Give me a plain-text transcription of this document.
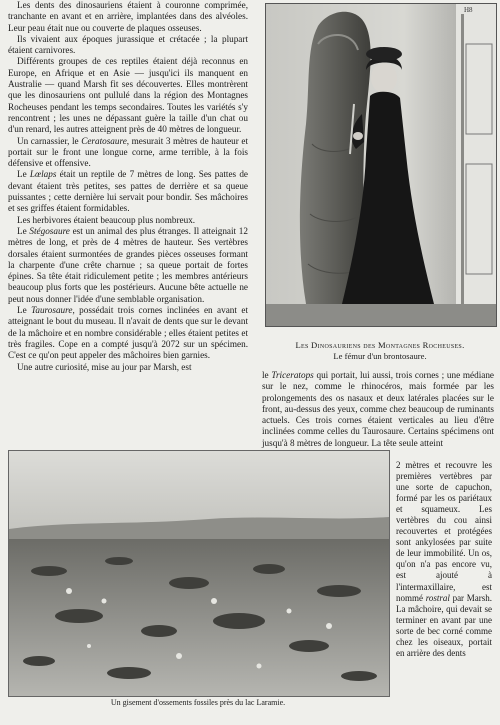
Les dents des dinosauriens étaient à couronne comprimée, tranchante en avant et en arrière, implantées dans des alvéoles. Leur peau était nue ou couverte de plaques osseuses.

Ils vivaient aux époques jurassique et crétacée ; la plupart étaient carnivores.

Différents groupes de ces reptiles étaient déjà reconnus en Europe, en Afrique et en Asie — jusqu'ici ils manquent en Australie — quand Marsh fit ses découvertes. Elles montrèrent que les dinosauriens ont pullulé dans la région des Montagnes Rocheuses pendant les temps secondaires. Toutes les variétés s'y rencontrent ; les unes ne dépassant guère la taille d'un chat ou d'un renard, les autres atteignent près de 40 mètres de longueur.

Un carnassier, le Ceratosaure, mesurait 3 mètres de hauteur et portait sur le front une longue corne, arme terrible, à la fois défensive et offensive.

Le Lœlaps était un reptile de 7 mètres de long. Ses pattes de devant étaient très petites, ses pattes de derrière et sa queue puissantes ; cette dernière lui servait pour bondir. Ses mâchoires et ses griffes étaient formidables.

Les herbivores étaient beaucoup plus nombreux.

Le Stégosaure est un animal des plus étranges. Il atteignait 12 mètres de long, et près de 4 mètres de hauteur. Ses vertèbres dorsales étaient surmontées de grandes pièces osseuses formant la charpente d'une crête charnue ; sa queue portait de fortes épines. Sa tête était ridiculement petite ; les membres antérieurs beaucoup plus forts que les postérieurs. Aucune bête actuelle ne peut nous donner l'idée d'une semblable organisation.

Le Taurosaure, possédait trois cornes inclinées en avant et atteignant le bout du museau. Il n'avait de dents que sur le devant de la mâchoire et en nombre considérable ; elles étaient petites et très fragiles. Cope en a compté jusqu'à 2072 sur un spécimen. C'est ce qu'on peut appeler des mâchoires bien garnies.

Une autre curiosité, mise au jour par Marsh, est

H8
Les Dinosauriens des Montagnes Rocheuses.
Le fémur d'un brontosaure.

le Triceratops qui portait, lui aussi, trois cornes ; une médiane sur le nez, comme le rhinocéros, mais formée par les prolongements des os nasaux et deux latérales placées sur le front, au-dessus des yeux, comme chez beaucoup de ruminants actuels. Ces trois cornes étaient verticales au lieu d'être inclinées comme celles du Taurosaure. Certains spécimens ont jusqu'à 8 mètres de longueur. La tête seule atteint

Un gisement d'ossements fossiles près du lac Laramie.

2 mètres et recouvre les premières vertèbres par une sorte de capuchon, formé par les os pariétaux et squameux. Les vertèbres du cou ainsi recouvertes et protégées sont ankylosées par suite de leur immobilité. Un os, qu'on n'a pas encore vu, est ajouté à l'intermaxillaire, est nommé rostral par Marsh. La mâchoire, qui devait se terminer en avant par une sorte de bec corné comme chez les oiseaux, portait en arrière des dents
